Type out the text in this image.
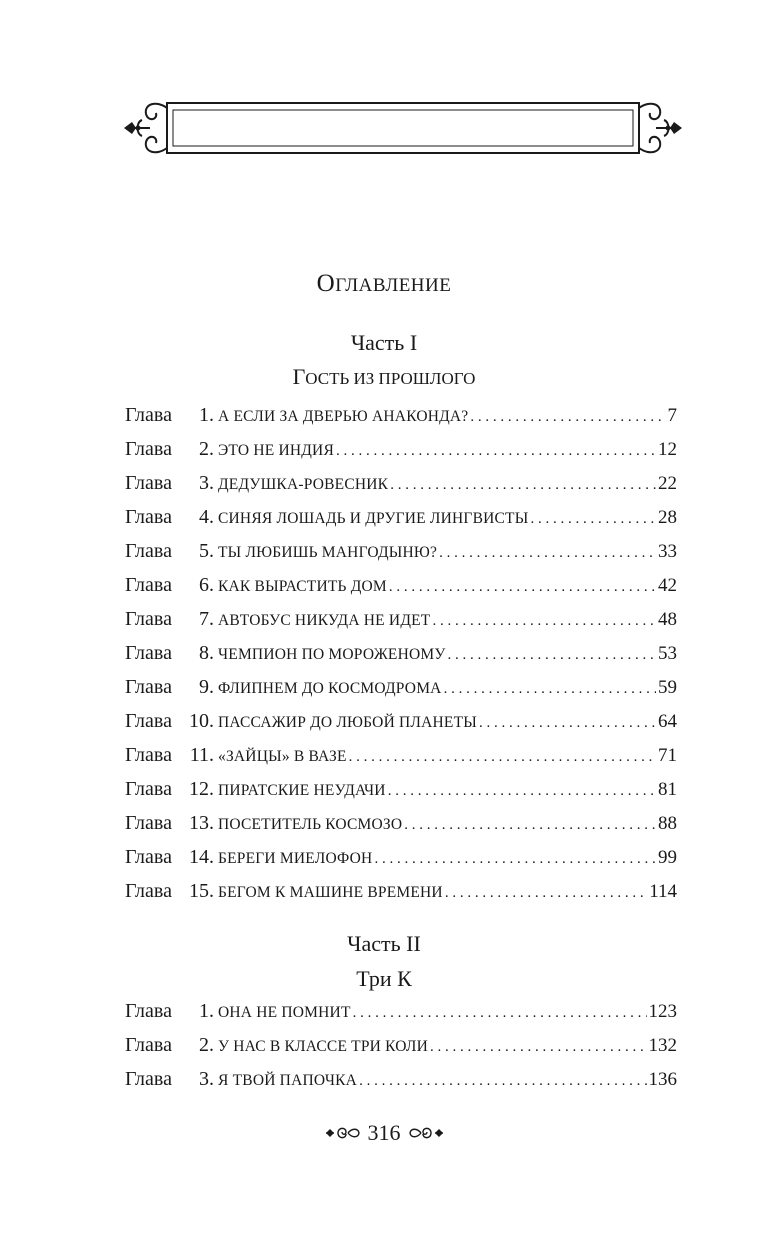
ОГЛАВЛЕНИЕ
Часть I
ГОСТЬ ИЗ ПРОШЛОГО
Глава	1 . А ЕСЛИ ЗА ДВЕРЬЮ АНАКОНДА? . . .	7
Глава	2 . ЭТО НЕ ИНДИЯ . . .	12
Глава	3 . ДЕДУШКА-РОВЕСНИК . . .	22
Глава	4 . СИНЯЯ ЛОШАДЬ И ДРУГИЕ ЛИНГВИСТЫ . . .	28
Глава	5 . ТЫ ЛЮБИШЬ МАНГОДЫНЮ? . . .	33
Глава	6 . КАК ВЫРАСТИТЬ ДОМ . . .	42
Глава	7 . АВТОБУС НИКУДА НЕ ИДЕТ . . .	48
Глава	8 . ЧЕМПИОН ПО МОРОЖЕНОМУ . . .	53
Глава	9 . ФЛИПНЕМ ДО КОСМОДРОМА . . .	59
Глава 10 . ПАССАЖИР ДО ЛЮБОЙ ПЛАНЕТЫ . . .	64
Глава 11 . «ЗАЙЦЫ» В ВАЗЕ . . .	71
Глава 12 . ПИРАТСКИЕ НЕУДАЧИ . . .	81
Глава 13 . ПОСЕТИТЕЛЬ КОСМОЗО . . .	88
Глава 14 . БЕРЕГИ МИЕЛОФОН . . .	99
Глава 15 . БЕГОМ К МАШИНЕ ВРЕМЕНИ . . .	114
Часть II
Три К
Глава	1 . ОНА НЕ ПОМНИТ . . .	123
Глава	2 . У НАС В КЛАССЕ ТРИ КОЛИ . . .	132
Глава	3 . Я ТВОЙ ПАПОЧКА . . .	136
316
